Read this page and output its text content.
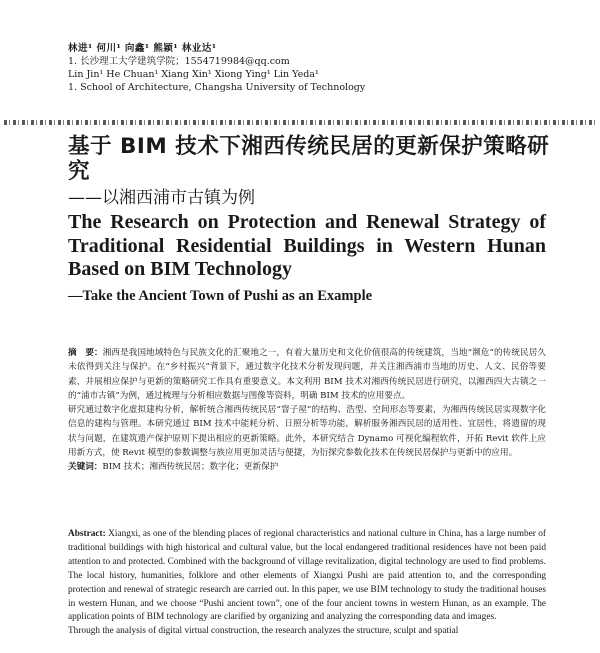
林进¹ 何川¹ 向鑫¹ 熊颖¹ 林业达¹
1. 长沙理工大学建筑学院；1554719984@qq.com
Lin Jin¹ He Chuan¹ Xiang Xin¹ Xiong Ying¹ Lin Yeda¹
1. School of Architecture, Changsha University of Technology
基于 BIM 技术下湘西传统民居的更新保护策略研究
——以湘西浦市古镇为例
The Research on Protection and Renewal Strategy of Traditional Residential Buildings in Western Hunan Based on BIM Technology
—Take the Ancient Town of Pushi as an Example

摘　要：湘西是我国地域特色与民族文化的汇聚地之一，有着大量历史和文化价值很高的传统建筑，当地“濒危”的传统民居久未依得到关注与保护。在“乡村振兴”背景下，通过数字化技术分析发现问题，并关注湘西浦市当地的历史、人文、民俗等要素，并展相应保护与更新的策略研究工作具有重要意义。本文利用 BIM 技术对湘西传统民居进行研究，以湘西四大古镇之一的“浦市古镇”为例，通过梳理与分析相应数据与图像等资料，明确 BIM 技术的应用要点。

研究通过数字化虚拟建构分析，解析统合湘西传统民居“窨子屋”的结构、浩型、空间形态等要素，为湘西传统民居实现数字化信息的建构与管理。本研究通过 BIM 技术中能耗分析、日照分析等功能，解析服务湘西民居的适用性、宜居性，将遗留的现状与问题，在建筑遗产保护原则下提出相应的更新策略。此外，本研究结合 Dynamo 可视化编程软件，开拓 Revit 软件上应用新方式，使 Revit 模型的参数调整与族应用更加灵活与便捷，为衍探究参数化技术在传统民居保护与更新中的应用。

关键词：BIM 技术；湘西传统民居；数字化；更新保护

Abstract: Xiangxi, as one of the blending places of regional characteristics and national culture in China, has a large number of traditional buildings with high historical and cultural value, but the local endangered traditional residences have not been paid attention to and protected. Combined with the background of village revitalization, digital technology are used to find problems. The local history, humanities, folklore and other elements of Xiangxi Pushi are paid attention to, and the corresponding protection and renewal of strategic research are carried out. In this paper, we use BIM technology to study the traditional houses in western Hunan, and we choose “Pushi ancient town”, one of the four ancient towns in western Hunan, as an example. The application points of BIM technology are clarified by organizing and analyzing the corresponding data and images.

Through the analysis of digital virtual construction, the research analyzes the structure, sculpt and spatial
